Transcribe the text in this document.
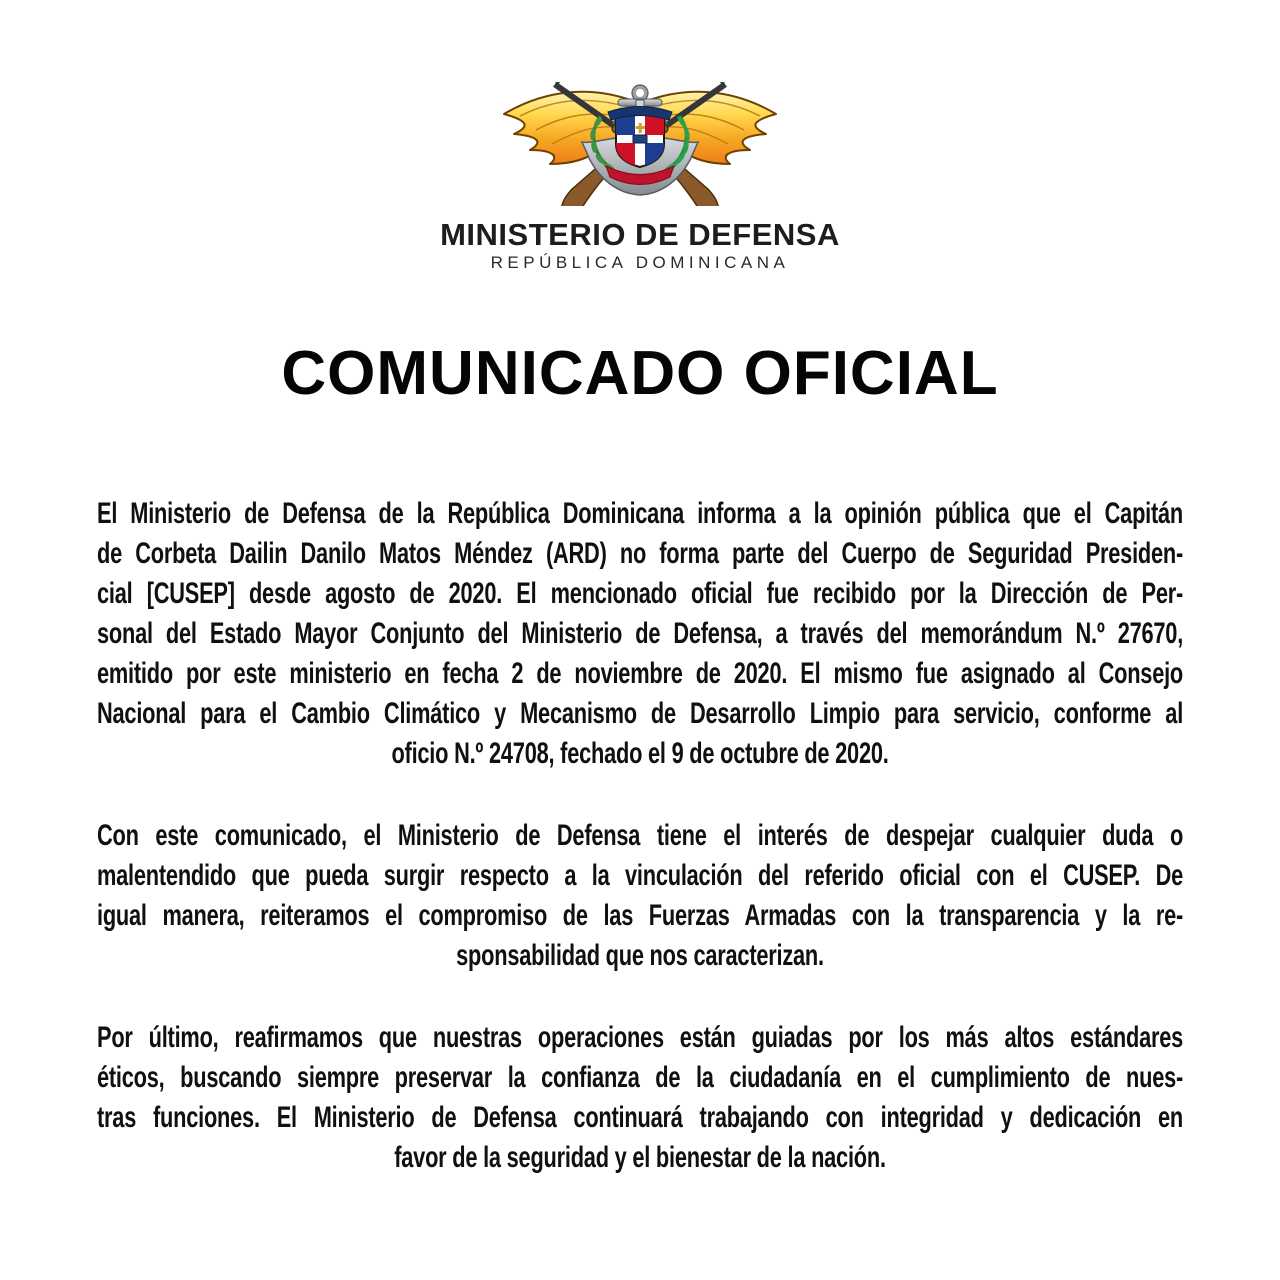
MINISTERIO DE DEFENSA
REPÚBLICA DOMINICANA
COMUNICADO OFICIAL
El Ministerio de Defensa de la República Dominicana informa a la opinión pública que el Capitán
de Corbeta Dailin Danilo Matos Méndez (ARD) no forma parte del Cuerpo de Seguridad Presiden-
cial [CUSEP] desde agosto de 2020. El mencionado oficial fue recibido por la Dirección de Per-
sonal del Estado Mayor Conjunto del Ministerio de Defensa, a través del memorándum N.º 27670,
emitido por este ministerio en fecha 2 de noviembre de 2020. El mismo fue asignado al Consejo
Nacional para el Cambio Climático y Mecanismo de Desarrollo Limpio para servicio, conforme al
oficio N.º 24708, fechado el 9 de octubre de 2020.
Con este comunicado, el Ministerio de Defensa tiene el interés de despejar cualquier duda o
malentendido que pueda surgir respecto a la vinculación del referido oficial con el CUSEP. De
igual manera, reiteramos el compromiso de las Fuerzas Armadas con la transparencia y la re-
sponsabilidad que nos caracterizan.
Por último, reafirmamos que nuestras operaciones están guiadas por los más altos estándares
éticos, buscando siempre preservar la confianza de la ciudadanía en el cumplimiento de nues-
tras funciones. El Ministerio de Defensa continuará trabajando con integridad y dedicación en
favor de la seguridad y el bienestar de la nación.
